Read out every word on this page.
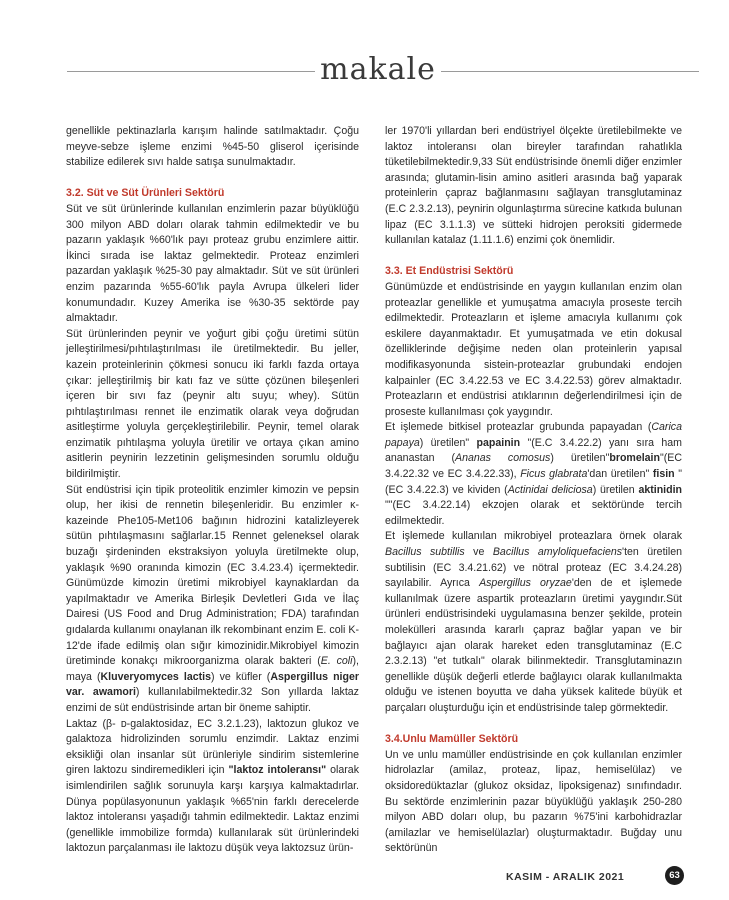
makale

genellikle pektinazlarla karışım halinde satılmaktadır. Çoğu meyve-sebze işleme enzimi %45-50 gliserol içerisinde stabilize edilerek sıvı halde satışa sunulmaktadır.

3.2. Süt ve Süt Ürünleri Sektörü

Süt ve süt ürünlerinde kullanılan enzimlerin pazar büyüklüğü 300 milyon ABD doları olarak tahmin edilmektedir ve bu pazarın yaklaşık %60'lık payı proteaz grubu enzimlere aittir. İkinci sırada ise laktaz gelmektedir. Proteaz enzimleri pazardan yaklaşık %25-30 pay almaktadır. Süt ve süt ürünleri enzim pazarında %55-60'lık payla Avrupa ülkeleri lider konumundadır. Kuzey Amerika ise %30-35 sektörde pay almaktadır.

Süt ürünlerinden peynir ve yoğurt gibi çoğu üretimi sütün jelleştirilmesi/pıhtılaştırılması ile üretilmektedir. Bu jeller, kazein proteinlerinin çökmesi sonucu iki farklı fazda ortaya çıkar: jelleştirilmiş bir katı faz ve sütte çözünen bileşenleri içeren bir sıvı faz (peynir altı suyu; whey). Sütün pıhtılaştırılması rennet ile enzimatik olarak veya doğrudan asitleştirme yoluyla gerçekleştirilebilir. Peynir, temel olarak enzimatik pıhtılaşma yoluyla üretilir ve ortaya çıkan amino asitlerin peynirin lezzetinin gelişmesinden sorumlu olduğu bildirilmiştir.

Süt endüstrisi için tipik proteolitik enzimler kimozin ve pepsin olup, her ikisi de rennetin bileşenleridir. Bu enzimler κ-kazeinde Phe105-Met106 bağının hidrozini katalizleyerek sütün pıhtılaşmasını sağlarlar.15 Rennet geleneksel olarak buzağı şirdeninden ekstraksiyon yoluyla üretilmekte olup, yaklaşık %90 oranında kimozin (EC 3.4.23.4) içermektedir. Günümüzde kimozin üretimi mikrobiyel kaynaklardan da yapılmaktadır ve Amerika Birleşik Devletleri Gıda ve İlaç Dairesi (US Food and Drug Administration; FDA) tarafından gıdalarda kullanımı onaylanan ilk rekombinant enzim E. coli K-12'de ifade edilmiş olan sığır kimozinidir.Mikrobiyel kimozin üretiminde konakçı mikroorganizma olarak bakteri (E. coli), maya (Kluveryomyces lactis) ve küfler (Aspergillus niger var. awamori) kullanılabilmektedir.32 Son yıllarda laktaz enzimi de süt endüstrisinde artan bir öneme sahiptir.

Laktaz (β- ᴅ-galaktosidaz, EC 3.2.1.23), laktozun glukoz ve galaktoza hidrolizinden sorumlu enzimdir. Laktaz enzimi eksikliği olan insanlar süt ürünleriyle sindirim sistemlerine giren laktozu sindiremedikleri için "laktoz intoleransı" olarak isimlendirilen sağlık sorunuyla karşı karşıya kalmaktadırlar. Dünya popülasyonunun yaklaşık %65'nin farklı derecelerde laktoz intoleransı yaşadığı tahmin edilmektedir. Laktaz enzimi (genellikle immobilize formda) kullanılarak süt ürünlerindeki laktozun parçalanması ile laktozu düşük veya laktozsuz ürün-

ler 1970'li yıllardan beri endüstriyel ölçekte üretilebilmekte ve laktoz intoleransı olan bireyler tarafından rahatlıkla tüketilebilmektedir.9,33 Süt endüstrisinde önemli diğer enzimler arasında; glutamin-lisin amino asitleri arasında bağ yaparak proteinlerin çapraz bağlanmasını sağlayan transglutaminaz (E.C 2.3.2.13), peynirin olgunlaştırma sürecine katkıda bulunan lipaz (EC 3.1.1.3) ve sütteki hidrojen peroksiti gidermede kullanılan katalaz (1.11.1.6) enzimi çok önemlidir.

3.3. Et Endüstrisi Sektörü

Günümüzde et endüstrisinde en yaygın kullanılan enzim olan proteazlar genellikle et yumuşatma amacıyla proseste tercih edilmektedir. Proteazların et işleme amacıyla kullanımı çok eskilere dayanmaktadır. Et yumuşatmada ve etin dokusal özelliklerinde değişime neden olan proteinlerin yapısal modifikasyonunda sistein-proteazlar grubundaki endojen kalpainler (EC 3.4.22.53 ve EC 3.4.22.53) görev almaktadır. Proteazların et endüstrisi atıklarının değerlendirilmesi için de proseste kullanılması çok yaygındır.

Et işlemede bitkisel proteazlar grubunda papayadan (Carica papaya) üretilen" papainin "(E.C 3.4.22.2) yanı sıra ham ananastan (Ananas comosus) üretilen"bromelain"(EC 3.4.22.32 ve EC 3.4.22.33), Ficus glabrata'dan üretilen" fisin "(EC 3.4.22.3) ve kividen (Actinidai deliciosa) üretilen aktinidin ""(EC 3.4.22.14) ekzojen olarak et sektöründe tercih edilmektedir.

Et işlemede kullanılan mikrobiyel proteazlara örnek olarak Bacillus subtillis ve Bacillus amyloliquefaciens'ten üretilen subtilisin (EC 3.4.21.62) ve nötral proteaz (EC 3.4.24.28) sayılabilir. Ayrıca Aspergillus oryzae'den de et işlemede kullanılmak üzere aspartik proteazların üretimi yaygındır.Süt ürünleri endüstrisindeki uygulamasına benzer şekilde, protein molekülleri arasında kararlı çapraz bağlar yapan ve bir bağlayıcı ajan olarak hareket eden transglutaminaz (E.C 2.3.2.13) "et tutkalı" olarak bilinmektedir. Transglutaminazın genellikle düşük değerli etlerde bağlayıcı olarak kullanılmakta olduğu ve istenen boyutta ve daha yüksek kalitede büyük et parçaları oluşturduğu için et endüstrisinde talep görmektedir.

3.4.Unlu Mamüller Sektörü

Un ve unlu mamüller endüstrisinde en çok kullanılan enzimler hidrolazlar (amilaz, proteaz, lipaz, hemiselülaz) ve oksidoredüktazlar (glukoz oksidaz, lipoksigenaz) sınıfındadır. Bu sektörde enzimlerinin pazar büyüklüğü yaklaşık 250-280 milyon ABD doları olup, bu pazarın %75'ini karbohidrazlar (amilazlar ve hemiselülazlar) oluşturmaktadır. Buğday unu sektörünün

KASIM - ARALIK 2021	63
